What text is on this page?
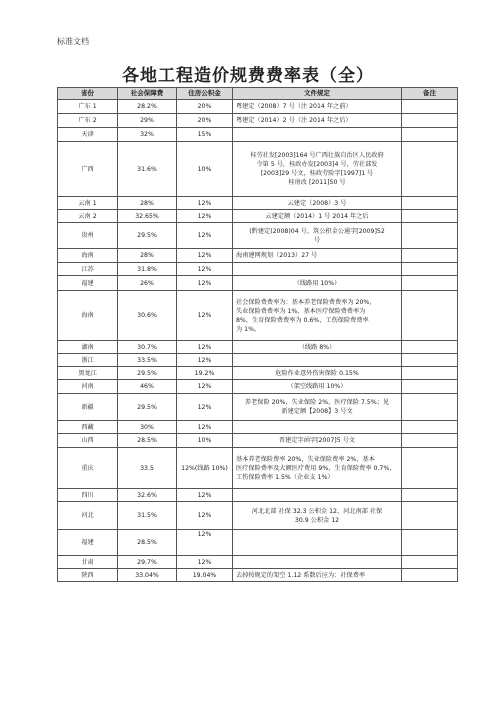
标准文档
各地工程造价规费费率表（全）
省份	社会保障费	住房公积金	文件规定	备注
广东 1	28.2%	20%	粤建定（2008）7 号（注 2014 年之前）	

广东 2	29%	20%	粤建定（2014）2 号（注 2014 年之后）	

天津	32%	15%	

广西	31.6%	10%	桂劳社发[2003]164 号广西壮族自治区人民政府
令第 5 号，桂政办发[2003]4 号，劳社部发
[2003]29 号文，桂政劳险字[1997]1 号
桂房改 [2011]50 号	

云南 1	28%	12%	云建定（2008）3 号	

云南 2	32.65%	12%	云建定额（2014）1 号 2014 年之后	

贵州	29.5%	12%	(黔建定(2008)04 号、筑公积金公通字[2009]52
号	

海南	28%	12%	海南建网规划（2013）27 号	

江苏	31.8%	12%	

福建	26%	12%	（线路用 10%）	

海南	30.6%	12%	社会保险费费率为：基本养老保险费费率为 20%，
失业保险费费率为 1%，基本医疗保险费费率为
8%，生育保险费费率为 0.6%，工伤保险费费率
为 1%。	

湖南	30.7%	12%	（线路 8%）	

浙江	33.5%	12%	

黑龙江	29.5%	19.2%	危险作业意外伤害保险 0.15%	

河南	46%	12%	（架空线路用 10%）	

新疆	29.5%	12%	养老保险 20%，失业保险 2%，医疗保险 7.5%；见
新建定额【2008】3 号文	

西藏	30%	12%	

山西	28.5%	10%	晋建定字函字[2007]5 号文	

重庆	33.5	12%(线路 10%)	基本养老保险费率 20%，失业保险费率 2%，基本
医疗保险费率及大额医疗费用 9%，生育保险费率 0.7%，
工伤保险费率 1.5%（企业支 1%）	

四川	32.6%	12%	

河北	31.5%	12%	河北北部 社保 32.3 公积金 12、河北南部 社保
30.9 公积金 12	

福建	28.5%	12%	

甘肃	29.7%	12%	

陕西	33.04%	19.04%	去掉按规定的架空 1.12 系数后应为：社保费率	
